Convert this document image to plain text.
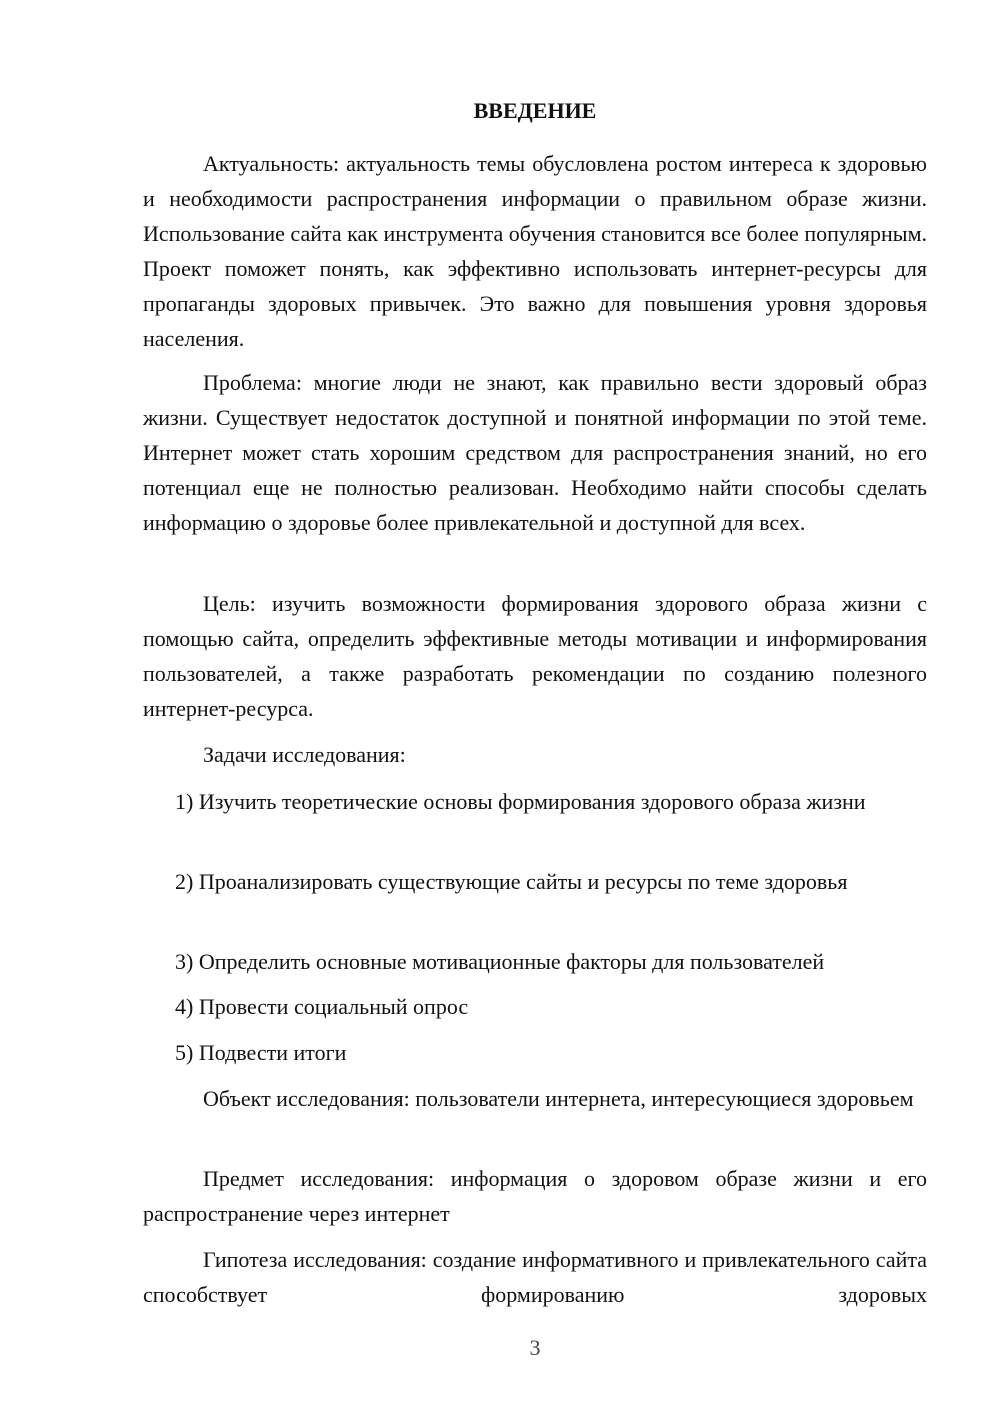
ВВЕДЕНИЕ

Актуальность: актуальность темы обусловлена ростом интереса к здоровью и необходимости распространения информации о правильном образе жизни. Использование сайта как инструмента обучения становится все более популярным. Проект поможет понять, как эффективно использовать интернет-ресурсы для пропаганды здоровых привычек. Это важно для повышения уровня здоровья населения.

Проблема: многие люди не знают, как правильно вести здоровый образ жизни. Существует недостаток доступной и понятной информации по этой теме. Интернет может стать хорошим средством для распространения знаний, но его потенциал еще не полностью реализован. Необходимо найти способы сделать информацию о здоровье более привлекательной и доступной для всех.

Цель: изучить возможности формирования здорового образа жизни с помощью сайта, определить эффективные методы мотивации и информирования пользователей, а также разработать рекомендации по созданию полезного интернет-ресурса.

Задачи исследования:

1) Изучить теоретические основы формирования здорового образа жизни

2) Проанализировать существующие сайты и ресурсы по теме здоровья

3) Определить основные мотивационные факторы для пользователей

4) Провести социальный опрос

5) Подвести итоги

Объект исследования: пользователи интернета, интересующиеся здоровьем

Предмет исследования: информация о здоровом образе жизни и его распространение через интернет

Гипотеза исследования: создание информативного и привлекательного сайта способствует формированию здоровых

3
